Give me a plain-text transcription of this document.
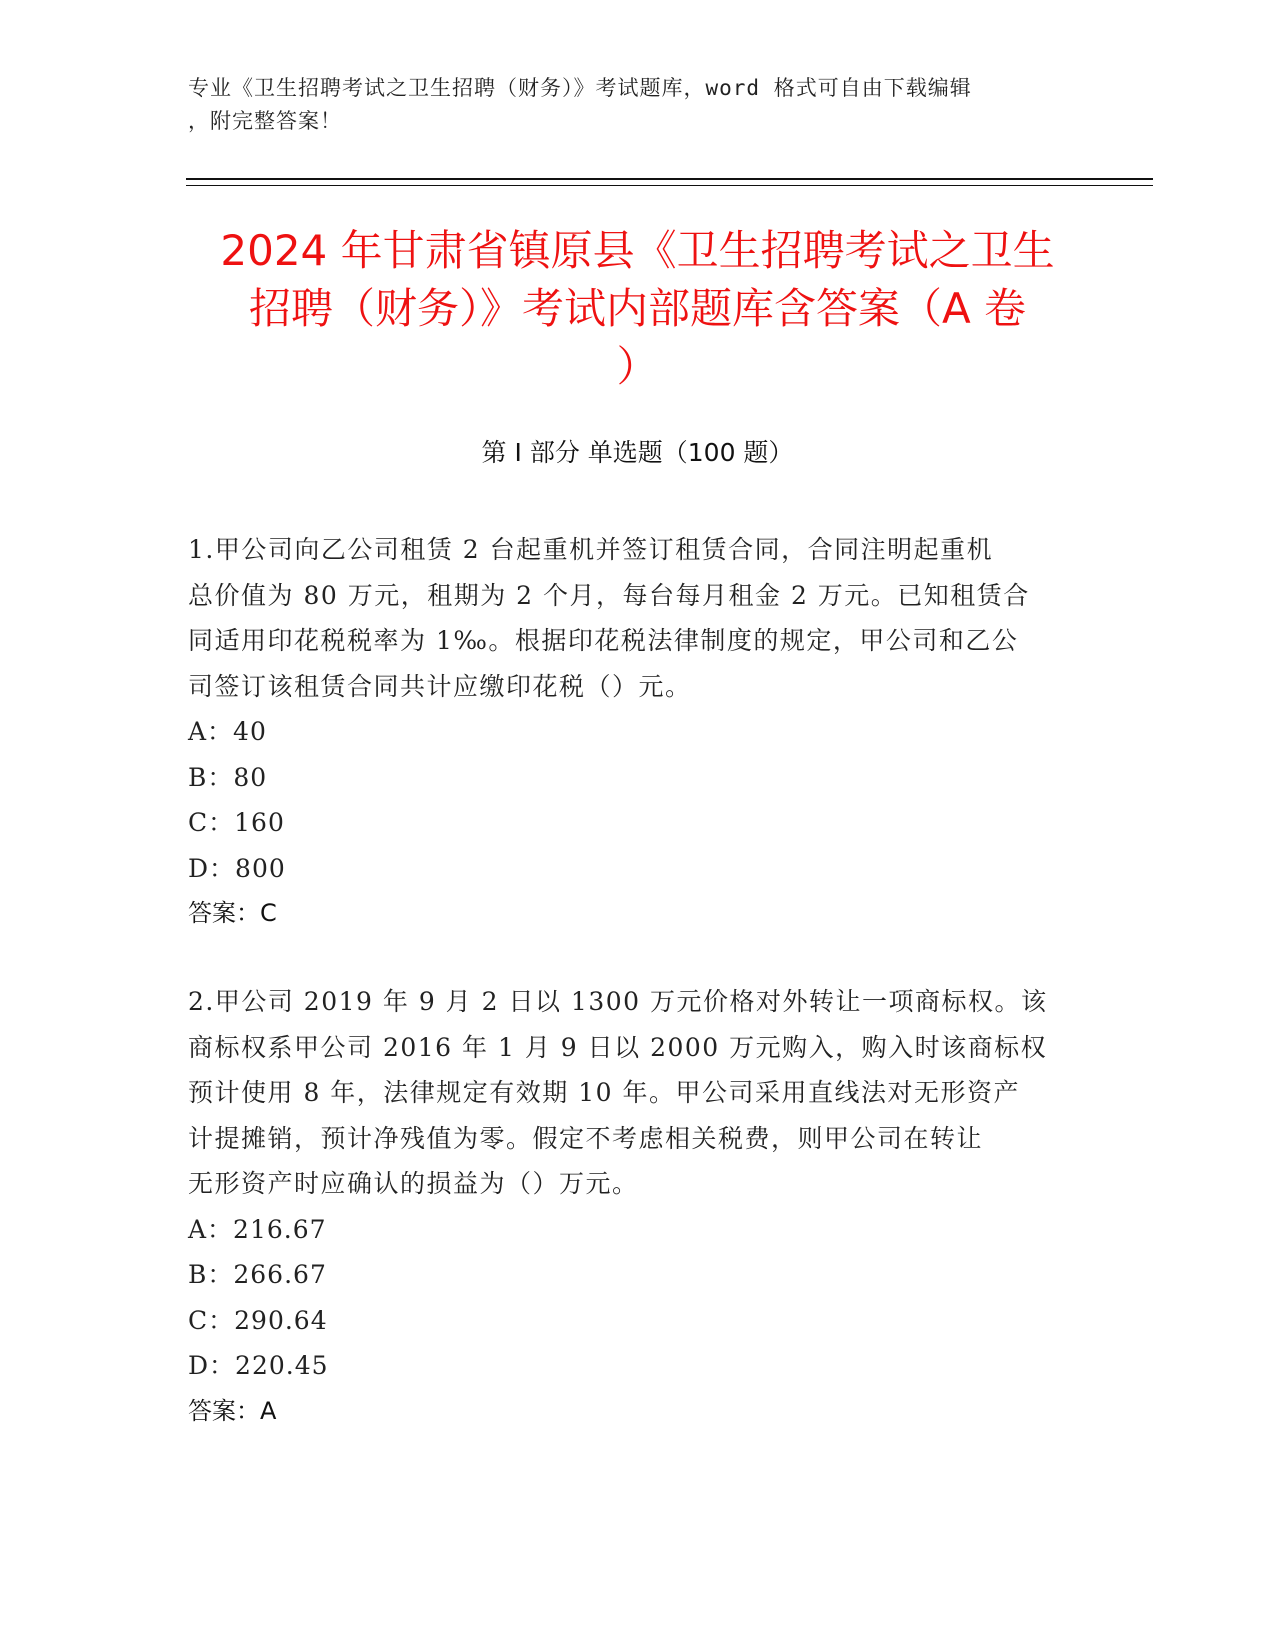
专业《卫生招聘考试之卫生招聘（财务）》考试题库，word 格式可自由下载编辑
，附完整答案！
2024 年甘肃省镇原县《卫生招聘考试之卫生
招聘（财务）》考试内部题库含答案（A 卷
）
第 I 部分 单选题（100 题）
1.甲公司向乙公司租赁 2 台起重机并签订租赁合同，合同注明起重机
总价值为 80 万元，租期为 2 个月，每台每月租金 2 万元。已知租赁合
同适用印花税税率为 1‰。根据印花税法律制度的规定，甲公司和乙公
司签订该租赁合同共计应缴印花税（）元。
A：40
B：80
C：160
D：800
答案：C
2.甲公司 2019 年 9 月 2 日以 1300 万元价格对外转让一项商标权。该
商标权系甲公司 2016 年 1 月 9 日以 2000 万元购入，购入时该商标权
预计使用 8 年，法律规定有效期 10 年。甲公司采用直线法对无形资产
计提摊销，预计净残值为零。假定不考虑相关税费，则甲公司在转让
无形资产时应确认的损益为（）万元。
A：216.67
B：266.67
C：290.64
D：220.45
答案：A
